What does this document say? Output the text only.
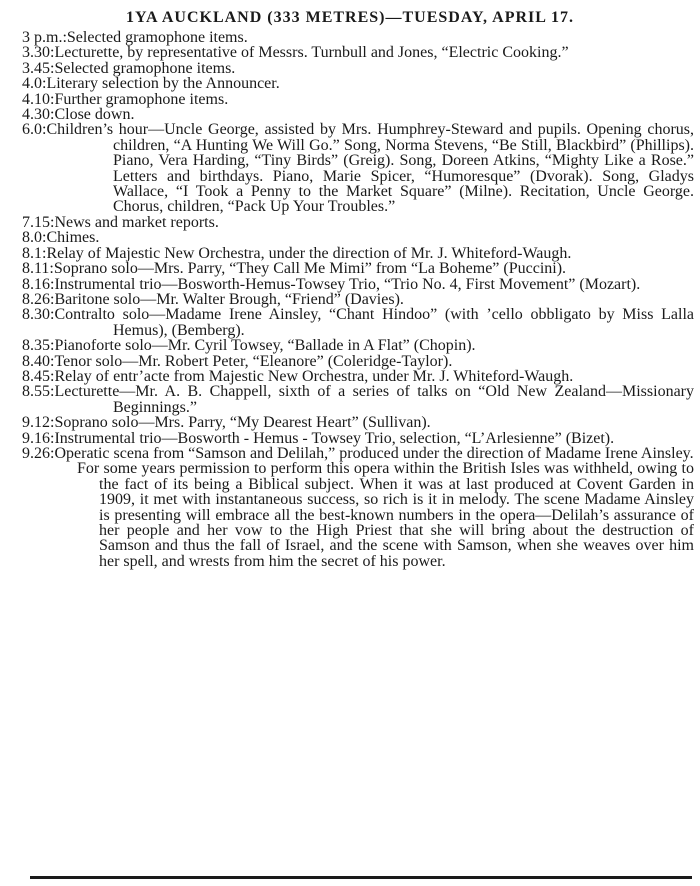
1YA AUCKLAND (333 METRES)—TUESDAY, APRIL 17.

3 p.m.:Selected gramophone items.

3.30:Lecturette, by representative of Messrs. Turnbull and Jones, “Electric Cooking.”

3.45:Selected gramophone items.

4.0:Literary selection by the Announcer.

4.10:Further gramophone items.

4.30:Close down.

6.0:Children’s hour—Uncle George, assisted by Mrs. Humphrey-Steward and pupils. Opening chorus, children, “A Hunting We Will Go.” Song, Norma Stevens, “Be Still, Blackbird” (Phillips). Piano, Vera Harding, “Tiny Birds” (Greig). Song, Doreen Atkins, “Mighty Like a Rose.” Letters and birthdays. Piano, Marie Spicer, “Humoresque” (Dvorak). Song, Gladys Wallace, “I Took a Penny to the Market Square” (Milne). Recitation, Uncle George. Chorus, children, “Pack Up Your Troubles.”

7.15:News and market reports.

8.0:Chimes.

8.1:Relay of Majestic New Orchestra, under the direction of Mr. J. Whiteford-Waugh.

8.11:Soprano solo—Mrs. Parry, “They Call Me Mimi” from “La Boheme” (Puccini).

8.16:Instrumental trio—Bosworth-Hemus-Towsey Trio, “Trio No. 4, First Movement” (Mozart).

8.26:Baritone solo—Mr. Walter Brough, “Friend” (Davies).

8.30:Contralto solo—Madame Irene Ainsley, “Chant Hindoo” (with ’cello obbligato by Miss Lalla Hemus), (Bemberg).

8.35:Pianoforte solo—Mr. Cyril Towsey, “Ballade in A Flat” (Chopin).

8.40:Tenor solo—Mr. Robert Peter, “Eleanore” (Coleridge-Taylor).

8.45:Relay of entr’acte from Majestic New Orchestra, under Mr. J. Whiteford-Waugh.

8.55:Lecturette—Mr. A. B. Chappell, sixth of a series of talks on “Old New Zealand—Missionary Beginnings.”

9.12:Soprano solo—Mrs. Parry, “My Dearest Heart” (Sullivan).

9.16:Instrumental trio—Bosworth - Hemus - Towsey Trio, selection, “L’Arlesienne” (Bizet).

9.26:Operatic scena from “Samson and Delilah,” produced under the direction of Madame Irene Ainsley.

For some years permission to perform this opera within the British Isles was withheld, owing to the fact of its being a Biblical subject. When it was at last produced at Covent Garden in 1909, it met with instantaneous success, so rich is it in melody. The scene Madame Ainsley is presenting will embrace all the best-known numbers in the opera—Delilah’s assurance of her people and her vow to the High Priest that she will bring about the destruction of Samson and thus the fall of Israel, and the scene with Samson, when she weaves over him her spell, and wrests from him the secret of his power.
